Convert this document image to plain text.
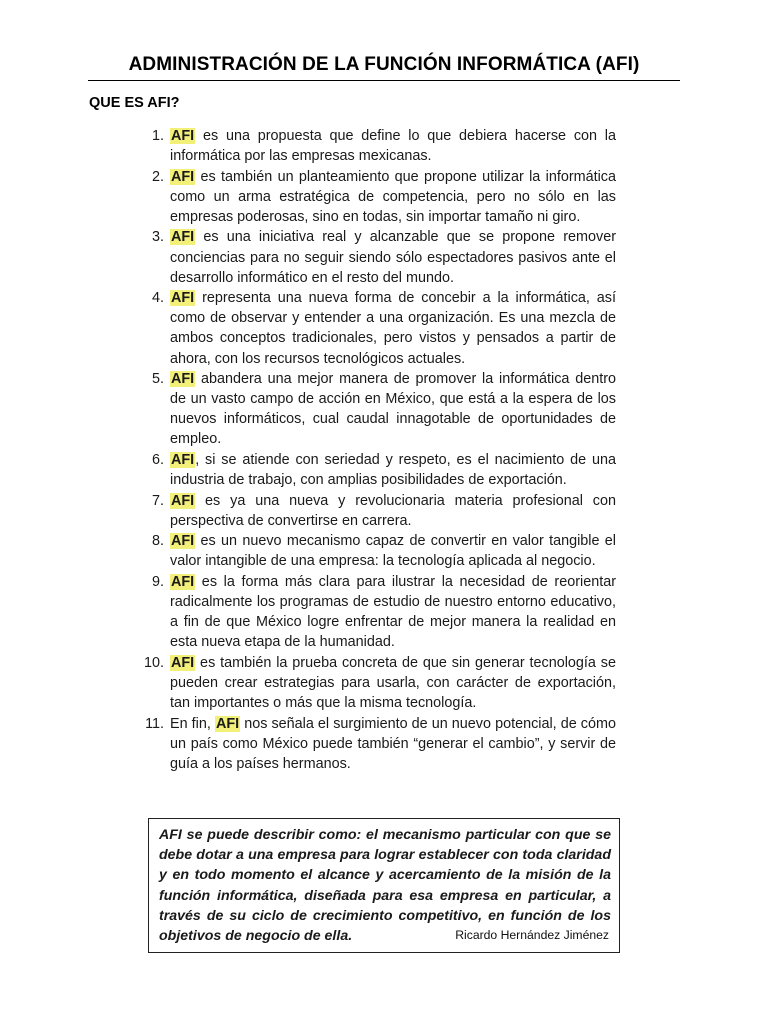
ADMINISTRACIÓN DE LA FUNCIÓN INFORMÁTICA (AFI)
QUE ES AFI?
1. AFI es una propuesta que define lo que debiera hacerse con la informática por las empresas mexicanas.
2. AFI es también un planteamiento que propone utilizar la informática como un arma estratégica de competencia, pero no sólo en las empresas poderosas, sino en todas, sin importar tamaño ni giro.
3. AFI es una iniciativa real y alcanzable que se propone remover conciencias para no seguir siendo sólo espectadores pasivos ante el desarrollo informático en el resto del mundo.
4. AFI representa una nueva forma de concebir a la informática, así como de observar y entender a una organización. Es una mezcla de ambos conceptos tradicionales, pero vistos y pensados a partir de ahora, con los recursos tecnológicos actuales.
5. AFI abandera una mejor manera de promover la informática dentro de un vasto campo de acción en México, que está a la espera de los nuevos informáticos, cual caudal innagotable de oportunidades de empleo.
6. AFI, si se atiende con seriedad y respeto, es el nacimiento de una industria de trabajo, con amplias posibilidades de exportación.
7. AFI es ya una nueva y revolucionaria materia profesional con perspectiva de convertirse en carrera.
8. AFI es un nuevo mecanismo capaz de convertir en valor tangible el valor intangible de una empresa: la tecnología aplicada al negocio.
9. AFI es la forma más clara para ilustrar la necesidad de reorientar radicalmente los programas de estudio de nuestro entorno educativo, a fin de que México logre enfrentar de mejor manera la realidad en esta nueva etapa de la humanidad.
10. AFI es también la prueba concreta de que sin generar tecnología se pueden crear estrategias para usarla, con carácter de exportación, tan importantes o más que la misma tecnología.
11. En fin, AFI nos señala el surgimiento de un nuevo potencial, de cómo un país como México puede también “generar el cambio”, y servir de guía a los países hermanos.
AFI se puede describir como: el mecanismo particular con que se debe dotar a una empresa para lograr establecer con toda claridad y en todo momento el alcance y acercamiento de la misión de la función informática, diseñada para esa empresa en particular, a través de su ciclo de crecimiento competitivo, en función de los objetivos de negocio de ella.	Ricardo Hernández Jiménez
